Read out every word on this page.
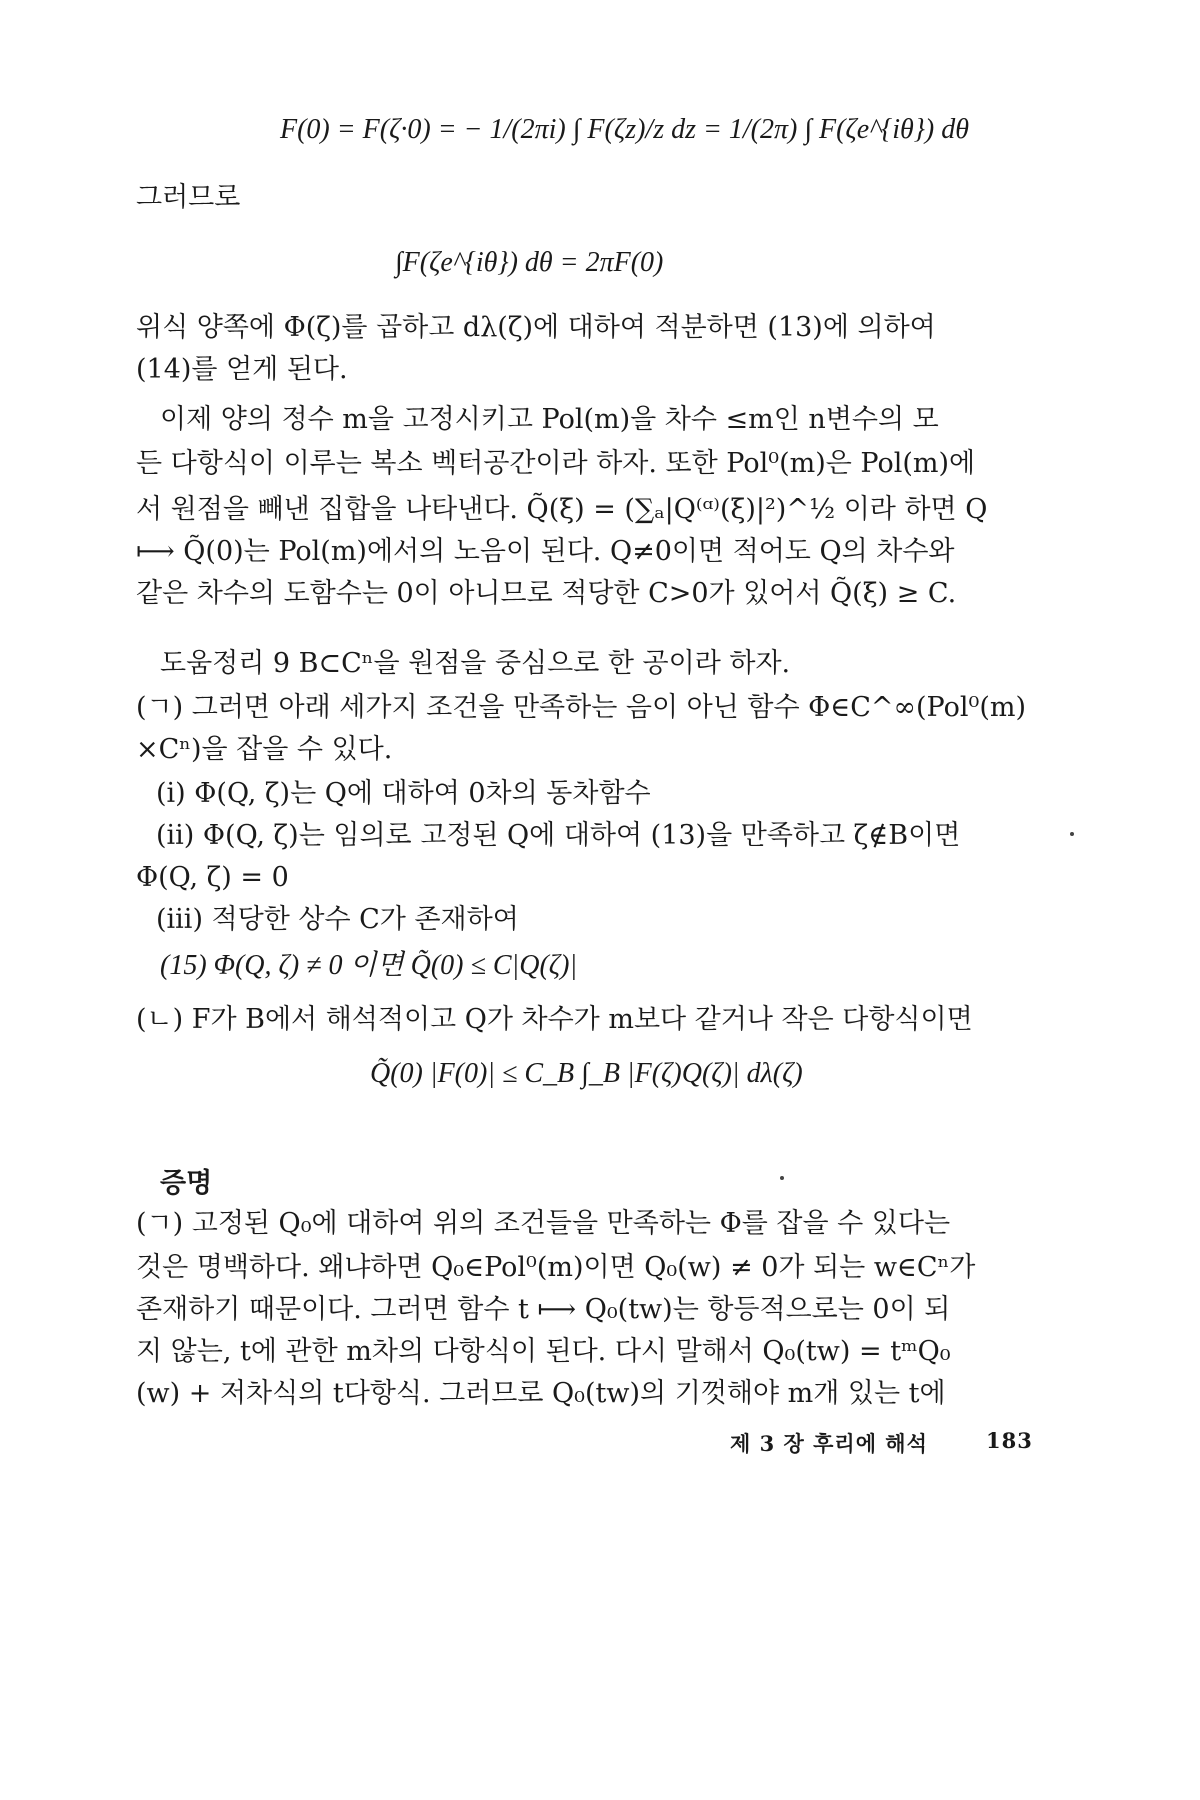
F(0) = F(ζ·0) = − 1/(2πi) ∫ F(ζz)/z dz = 1/(2π) ∫ F(ζe^{iθ}) dθ
그러므로
∫F(ζe^{iθ}) dθ = 2πF(0)
위식 양쪽에 Φ(ζ)를 곱하고 dλ(ζ)에 대하여 적분하면 (13)에 의하여
(14)를 얻게 된다.
이제 양의 정수 m을 고정시키고 Pol(m)을 차수 ≤m인 n변수의 모
든 다항식이 이루는 복소 벡터공간이라 하자. 또한 Pol⁰(m)은 Pol(m)에
서 원점을 빼낸 집합을 나타낸다. Q̃(ξ) = (∑ₐ|Q⁽ᵅ⁾(ξ)|²)^½ 이라 하면 Q
⟼ Q̃(0)는 Pol(m)에서의 노음이 된다. Q≠0이면 적어도 Q의 차수와
같은 차수의 도함수는 0이 아니므로 적당한 C>0가 있어서 Q̃(ξ) ≥ C.
도움정리 9 B⊂Cⁿ을 원점을 중심으로 한 공이라 하자.
(ㄱ) 그러면 아래 세가지 조건을 만족하는 음이 아닌 함수 Φ∈C^∞(Pol⁰(m)
×Cⁿ)을 잡을 수 있다.
(i) Φ(Q, ζ)는 Q에 대하여 0차의 동차함수
(ii) Φ(Q, ζ)는 임의로 고정된 Q에 대하여 (13)을 만족하고 ζ∉B이면
Φ(Q, ζ) = 0
(iii) 적당한 상수 C가 존재하여
(15) Φ(Q, ζ) ≠ 0 이면 Q̃(0) ≤ C|Q(ζ)|
(ㄴ) F가 B에서 해석적이고 Q가 차수가 m보다 같거나 작은 다항식이면
Q̃(0) |F(0)| ≤ C_B ∫_B |F(ζ)Q(ζ)| dλ(ζ)
증명
(ㄱ) 고정된 Q₀에 대하여 위의 조건들을 만족하는 Φ를 잡을 수 있다는
것은 명백하다. 왜냐하면 Q₀∈Pol⁰(m)이면 Q₀(w) ≠ 0가 되는 w∈Cⁿ가
존재하기 때문이다. 그러면 함수 t ⟼ Q₀(tw)는 항등적으로는 0이 되
지 않는, t에 관한 m차의 다항식이 된다. 다시 말해서 Q₀(tw) = tᵐQ₀
(w) + 저차식의 t다항식. 그러므로 Q₀(tw)의 기껏해야 m개 있는 t에
제 3 장 후리에 해석	183
